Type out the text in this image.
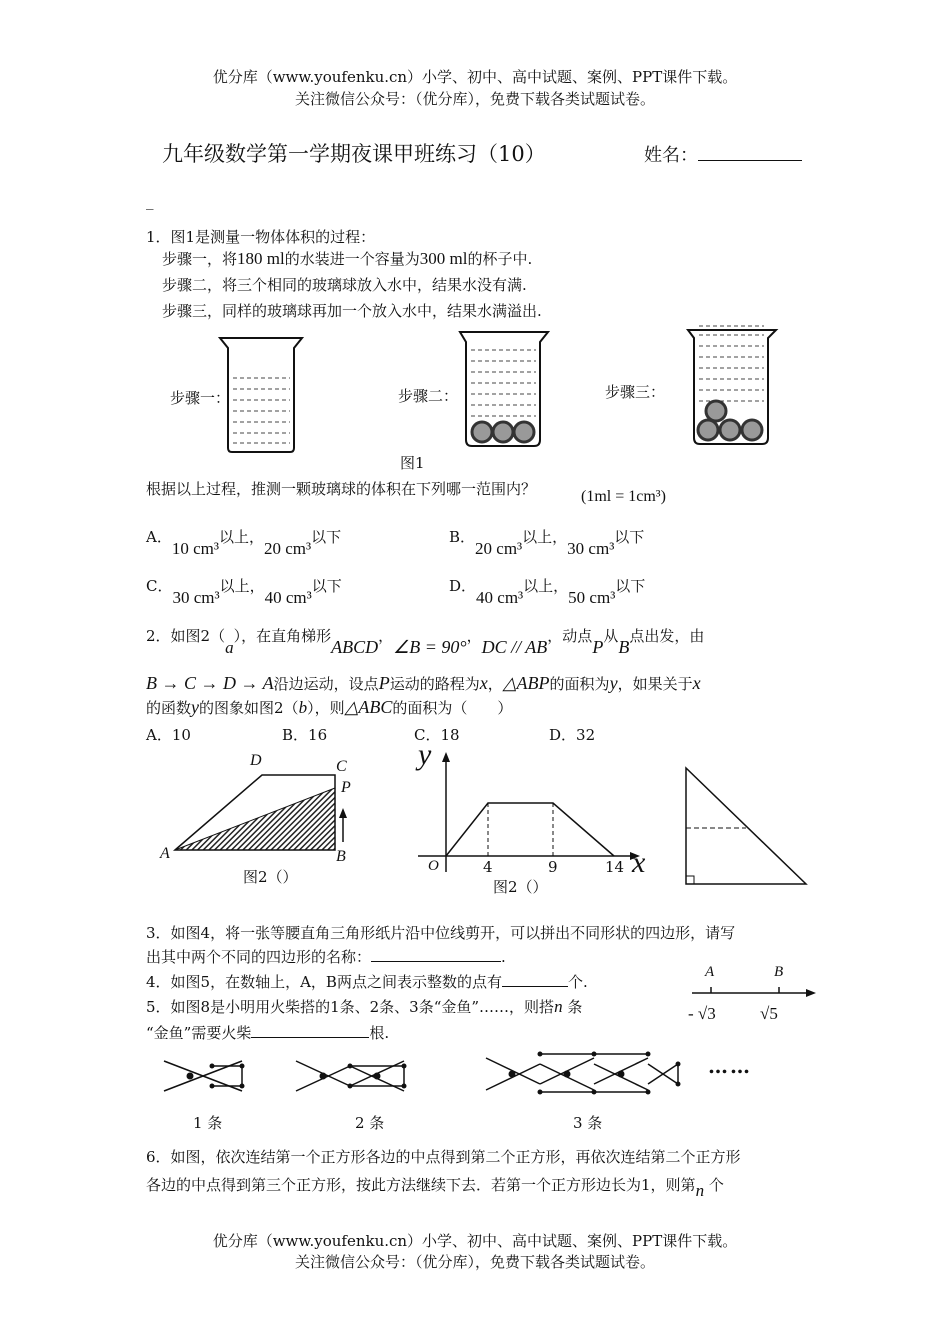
优分库（www.youfenku.cn）小学、初中、高中试题、案例、PPT课件下载。
关注微信公众号：（优分库），免费下载各类试题试卷。
九年级数学第一学期夜课甲班练习（10）	姓名：
_
1．图1是测量一物体体积的过程：
步骤一，将180 ml的水装进一个容量为300 ml的杯子中.
步骤二，将三个相同的玻璃球放入水中，结果水没有满.
步骤三，同样的玻璃球再加一个放入水中，结果水满溢出.
步骤一：	步骤二：	步骤三：
图1
根据以上过程，推测一颗玻璃球的体积在下列哪一范围内？	(1ml = 1cm³)
A．10 cm³以上，20 cm³以下	B．20 cm³以上，30 cm³以下
C．30 cm³以上，40 cm³以下	D．40 cm³以上，50 cm³以下
2．如图2（a），在直角梯形ABCD，∠B = 90°，DC // AB，动点P从B点出发，由
B → C → D → A沿边运动，设点P运动的路程为x，△ABP的面积为y，如果关于x
的函数y的图象如图2（b），则△ABC的面积为（　　）
A．10	B．16	C．18	D．32
D	C
P
A	B
图2（）
y
x
O	4	9	14
图2（）
3．如图4，将一张等腰直角三角形纸片沿中位线剪开，可以拼出不同形状的四边形，请写
出其中两个不同的四边形的名称：	.
4．如图5，在数轴上，A，B两点之间表示整数的点有	个.
A	B
- √3	√5
5．如图8是小明用火柴搭的1条、2条、3条“金鱼”……，则搭n 条
“金鱼”需要火柴	根.
……
1 条	2 条	3 条
6．如图，依次连结第一个正方形各边的中点得到第二个正方形，再依次连结第二个正方形
各边的中点得到第三个正方形，按此方法继续下去．若第一个正方形边长为1，则第n 个
优分库（www.youfenku.cn）小学、初中、高中试题、案例、PPT课件下载。
关注微信公众号：（优分库），免费下载各类试题试卷。
